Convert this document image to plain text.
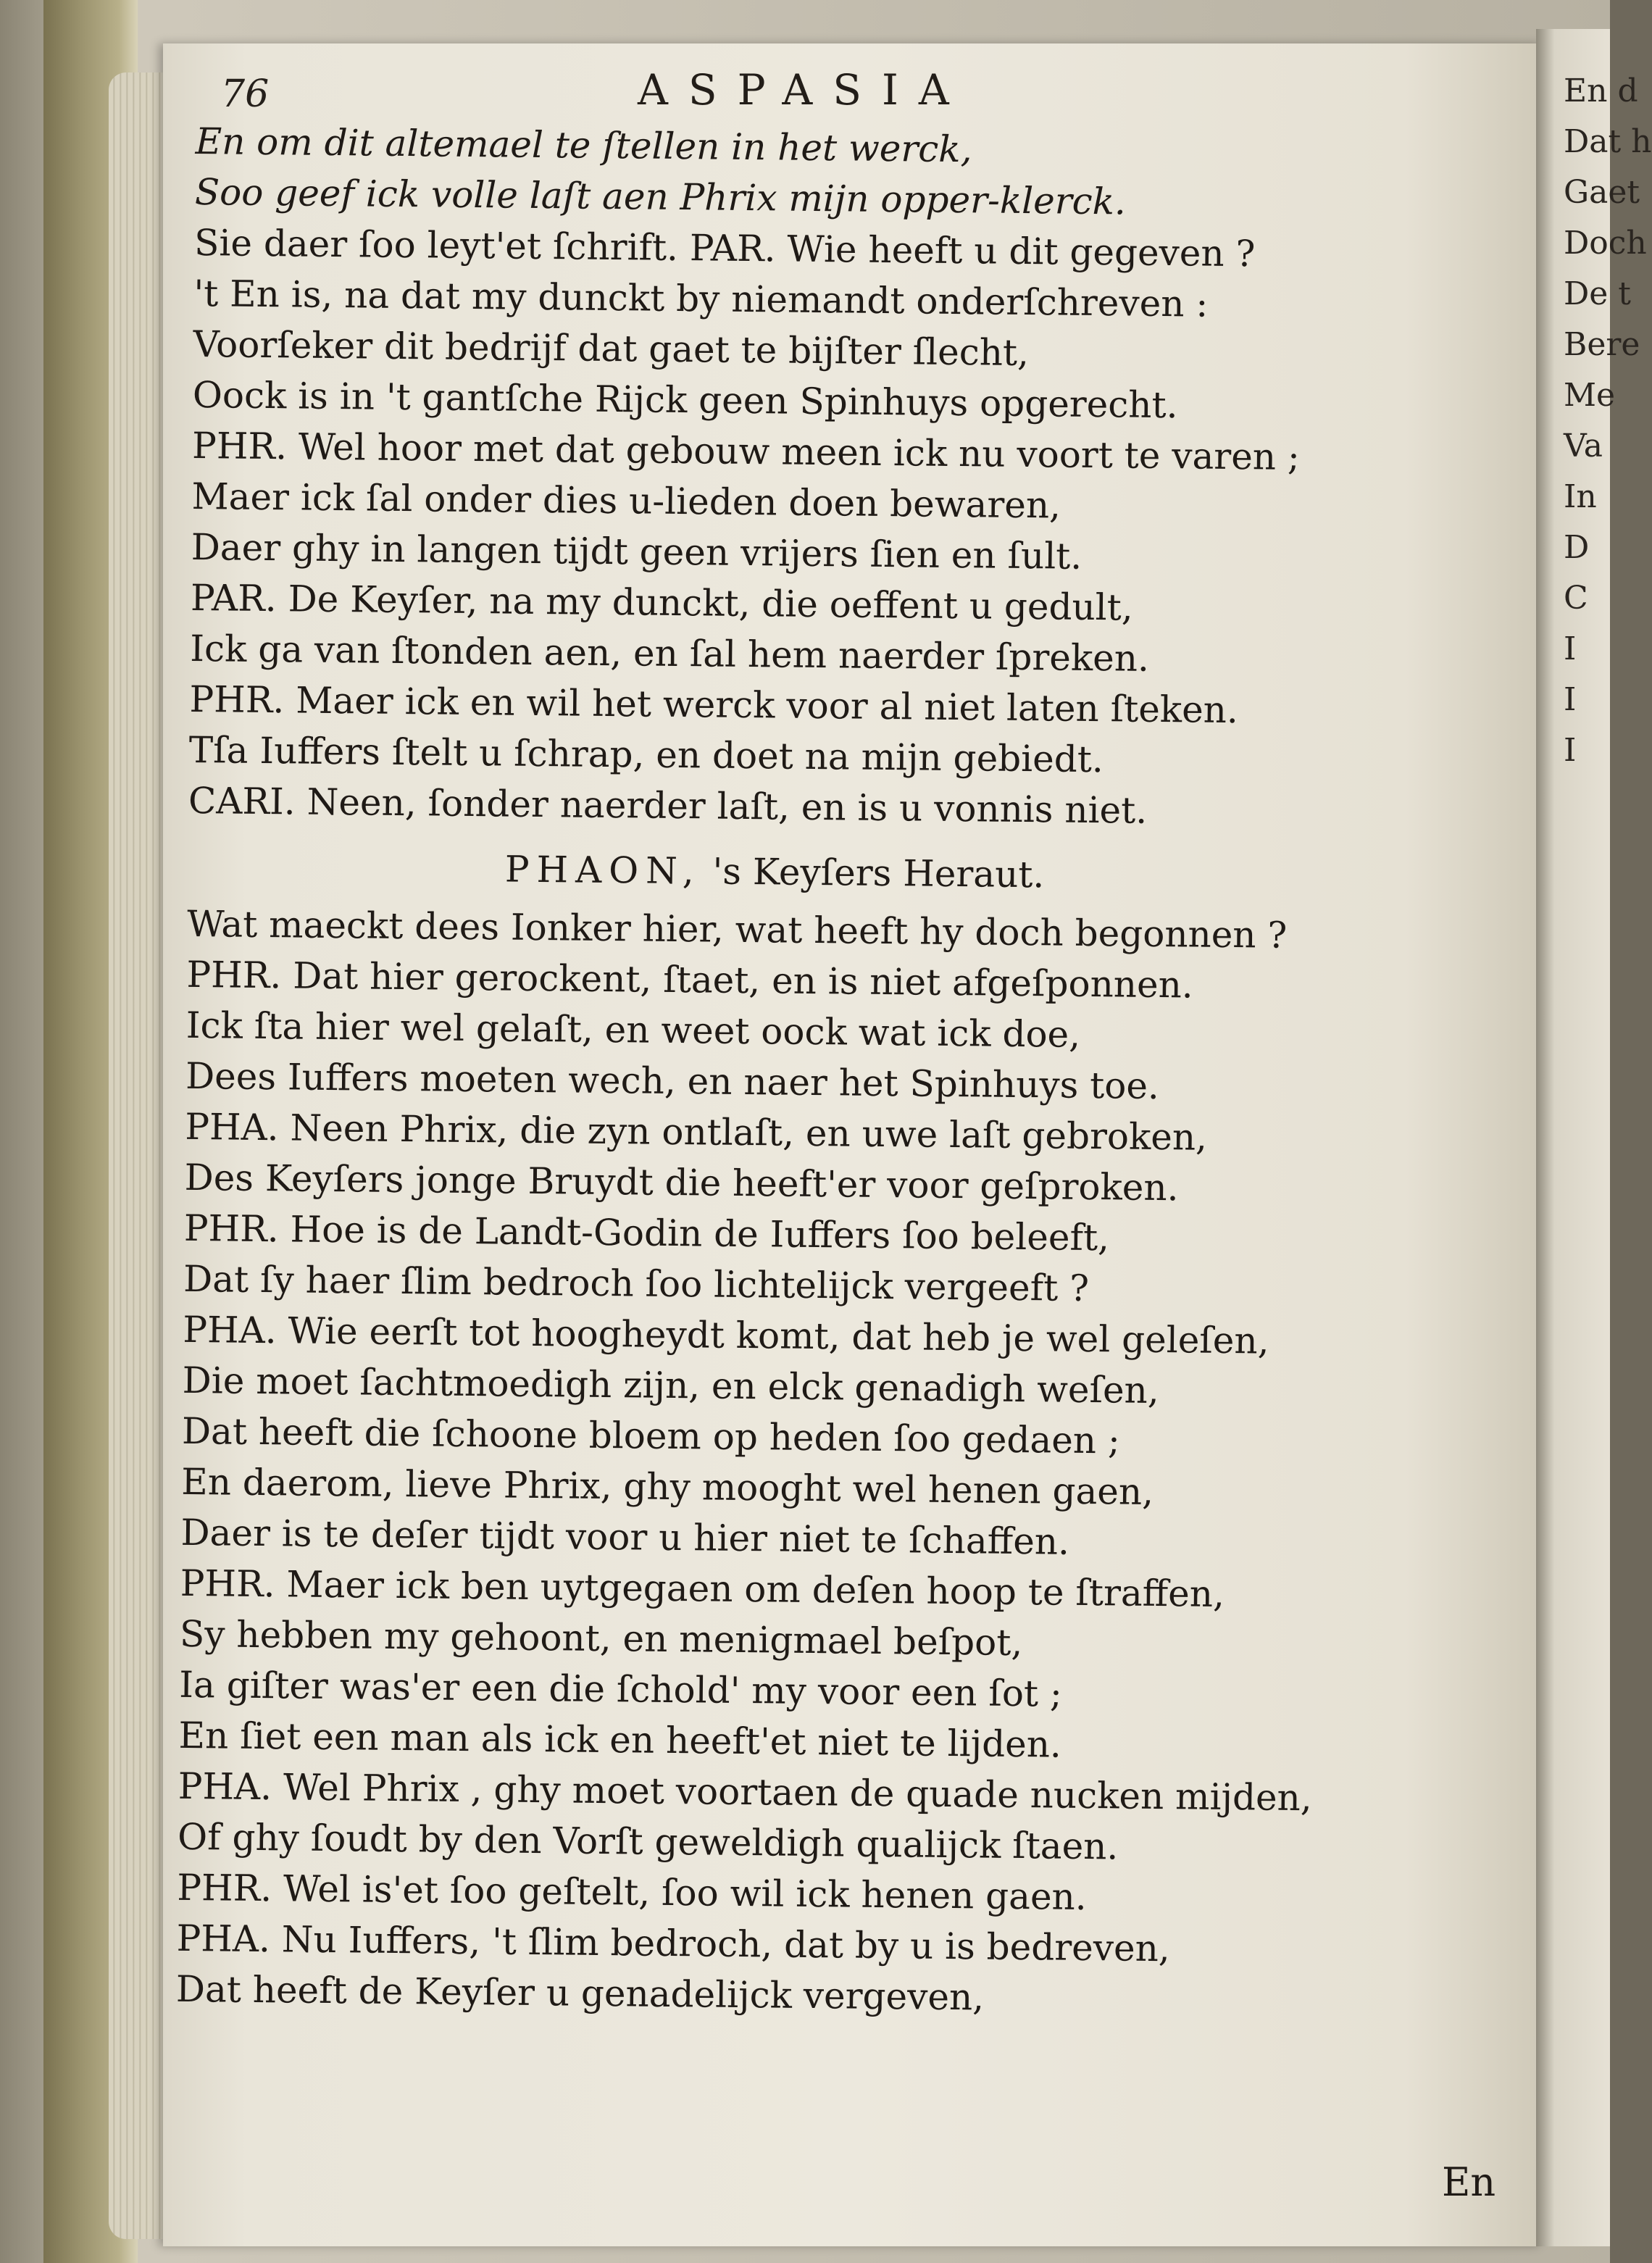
En d
Dat h
Gaet
Doch
De t
Bere
Me
Va
In
D
C
I
I
I
76	ASPASIA
En om dit altemael te ſtellen in het werck,
Soo geef ick volle laſt aen Phrix mijn opper-klerck.
Sie daer ſoo leyt'et ſchrift. PAR. Wie heeft u dit gegeven ?
't En is, na dat my dunckt by niemandt onderſchreven :
Voorſeker dit bedrijf dat gaet te bijſter ſlecht,
Oock is in 't gantſche Rijck geen Spinhuys opgerecht.
PHR. Wel hoor met dat gebouw meen ick nu voort te varen ;
Maer ick ſal onder dies u-lieden doen bewaren,
Daer ghy in langen tijdt geen vrijers ſien en ſult.
PAR. De Keyſer, na my dunckt, die oeffent u gedult,
Ick ga van ſtonden aen, en ſal hem naerder ſpreken.
PHR. Maer ick en wil het werck voor al niet laten ſteken.
Tſa Iuffers ſtelt u ſchrap, en doet na mijn gebiedt.
CARI. Neen, ſonder naerder laſt, en is u vonnis niet.
PHAON, 's Keyſers Heraut.
Wat maeckt dees Ionker hier, wat heeft hy doch begonnen ?
PHR. Dat hier gerockent, ſtaet, en is niet afgeſponnen.
Ick ſta hier wel gelaſt, en weet oock wat ick doe,
Dees Iuffers moeten wech, en naer het Spinhuys toe.
PHA. Neen Phrix, die zyn ontlaſt, en uwe laſt gebroken,
Des Keyſers jonge Bruydt die heeft'er voor geſproken.
PHR. Hoe is de Landt-Godin de Iuffers ſoo beleeft,
Dat ſy haer ſlim bedroch ſoo lichtelijck vergeeft ?
PHA. Wie eerſt tot hoogheydt komt, dat heb je wel geleſen,
Die moet ſachtmoedigh zijn, en elck genadigh weſen,
Dat heeft die ſchoone bloem op heden ſoo gedaen ;
En daerom, lieve Phrix, ghy mooght wel henen gaen,
Daer is te deſer tijdt voor u hier niet te ſchaffen.
PHR. Maer ick ben uytgegaen om deſen hoop te ſtraffen,
Sy hebben my gehoont, en menigmael beſpot,
Ia giſter was'er een die ſchold' my voor een ſot ;
En ſiet een man als ick en heeft'et niet te lijden.
PHA. Wel Phrix , ghy moet voortaen de quade nucken mijden,
Of ghy ſoudt by den Vorſt geweldigh qualijck ſtaen.
PHR. Wel is'et ſoo geſtelt, ſoo wil ick henen gaen.
PHA. Nu Iuffers, 't ſlim bedroch, dat by u is bedreven,
Dat heeft de Keyſer u genadelijck vergeven,
En
